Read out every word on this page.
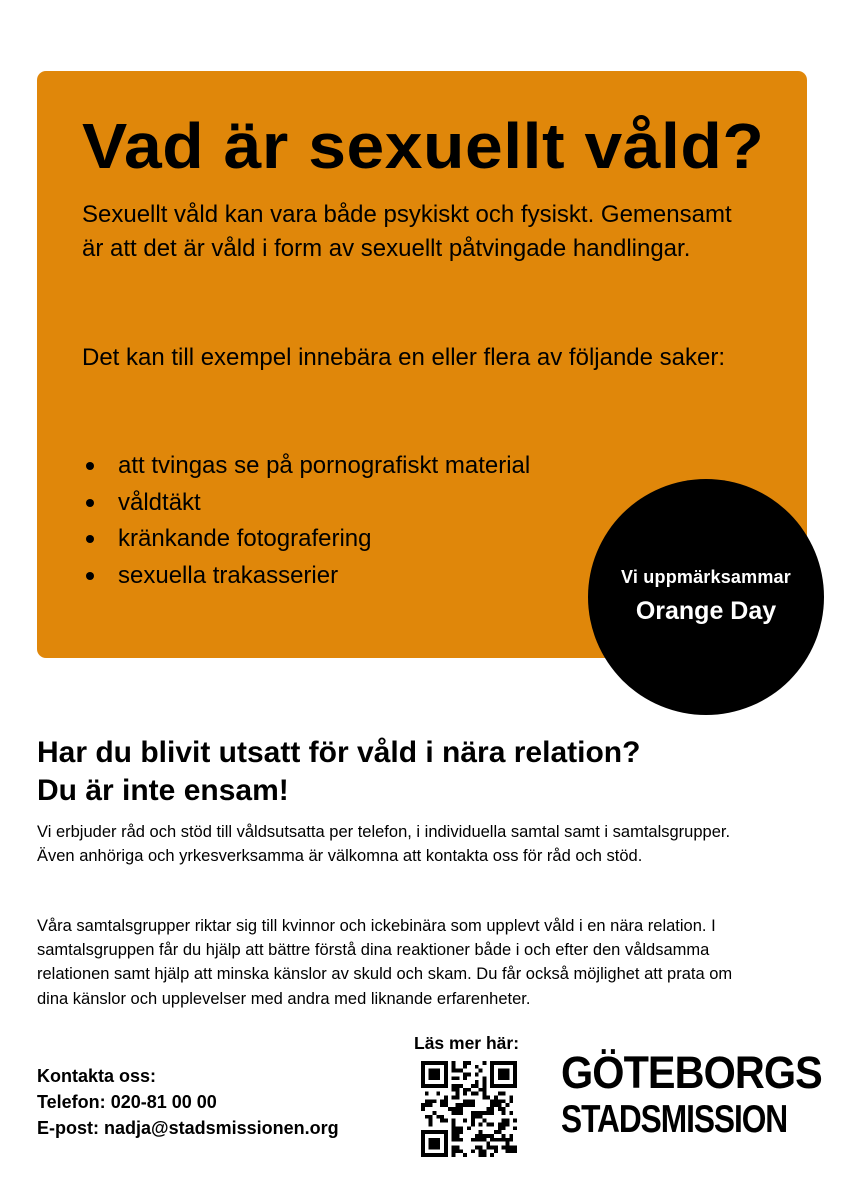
Vad är sexuellt våld?

Sexuellt våld kan vara både psykiskt och fysiskt. Gemensamt är att det är våld i form av sexuellt påtvingade handlingar.

Det kan till exempel innebära en eller flera av följande saker:

att tvingas se på pornografiskt material
våldtäkt
kränkande fotografering
sexuella trakasserier	Vi uppmärksammar
Orange Day
Har du blivit utsatt för våld i nära relation?
Du är inte ensam!

Vi erbjuder råd och stöd till våldsutsatta per telefon, i individuella samtal samt i samtalsgrupper. Även anhöriga och yrkesverksamma är välkomna att kontakta oss för råd och stöd.

Våra samtalsgrupper riktar sig till kvinnor och ickebinära som upplevt våld i en nära relation. I samtalsgruppen får du hjälp att bättre förstå dina reaktioner både i och efter den våldsamma relationen samt hjälp att minska känslor av skuld och skam. Du får också möjlighet att prata om dina känslor och upplevelser med andra med liknande erfarenheter.

Kontakta oss:
Telefon: 020-81 00 00
E-post: nadja@stadsmissionen.org
Läs mer här:
GÖTEBORGS
STADSMISSION
